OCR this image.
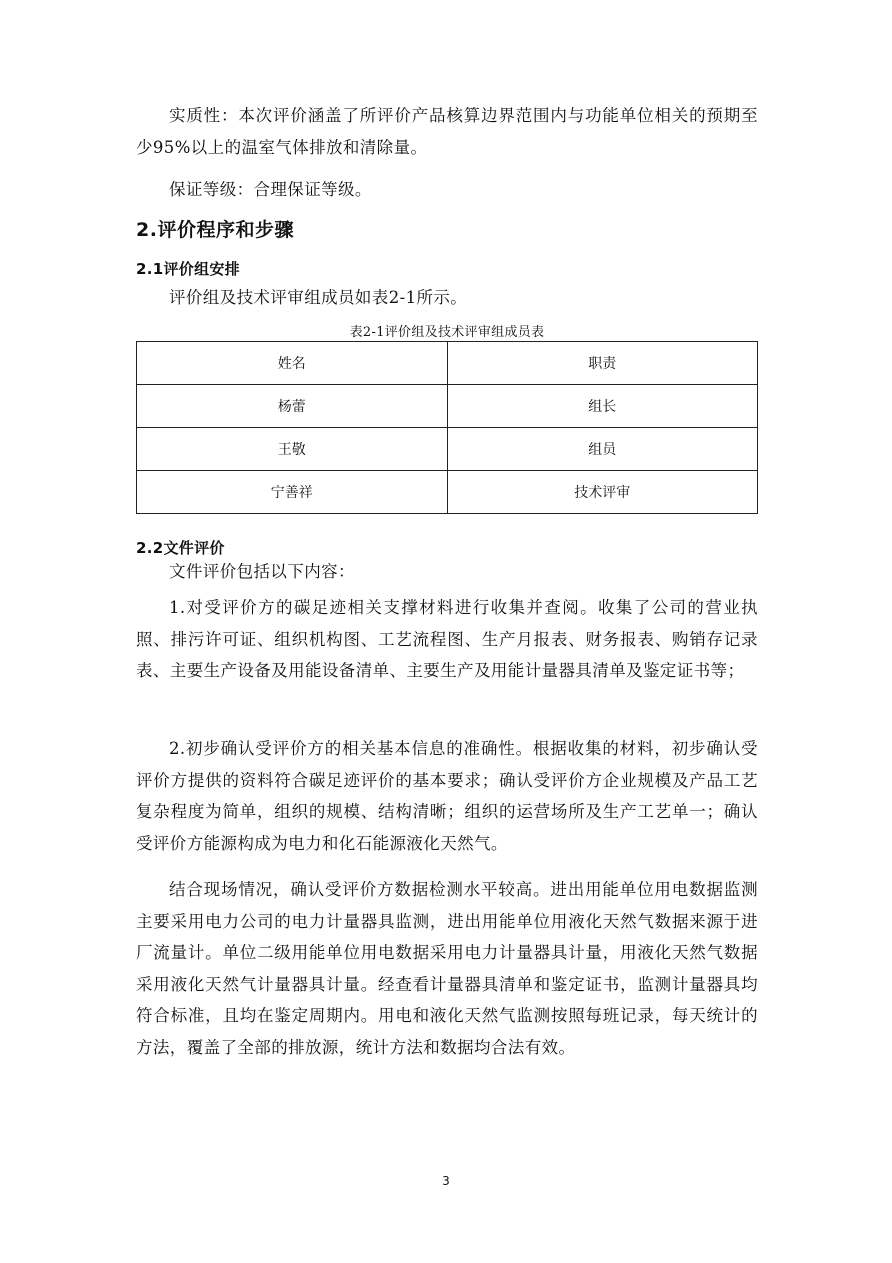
实质性：本次评价涵盖了所评价产品核算边界范围内与功能单位相关的预期至少95%以上的温室气体排放和清除量。

保证等级：合理保证等级。

2.评价程序和步骤
2.1评价组安排

评价组及技术评审组成员如表2-1所示。

表2-1评价组及技术评审组成员表

姓名	职责
杨蕾	组长
王敬	组员
宁善祥	技术评审
2.2文件评价

文件评价包括以下内容：

1.对受评价方的碳足迹相关支撑材料进行收集并查阅。收集了公司的营业执照、排污许可证、组织机构图、工艺流程图、生产月报表、财务报表、购销存记录表、主要生产设备及用能设备清单、主要生产及用能计量器具清单及鉴定证书等；

2.初步确认受评价方的相关基本信息的准确性。根据收集的材料，初步确认受评价方提供的资料符合碳足迹评价的基本要求；确认受评价方企业规模及产品工艺复杂程度为简单，组织的规模、结构清晰；组织的运营场所及生产工艺单一；确认受评价方能源构成为电力和化石能源液化天然气。

结合现场情况，确认受评价方数据检测水平较高。进出用能单位用电数据监测主要采用电力公司的电力计量器具监测，进出用能单位用液化天然气数据来源于进厂流量计。单位二级用能单位用电数据采用电力计量器具计量，用液化天然气数据采用液化天然气计量器具计量。经查看计量器具清单和鉴定证书，监测计量器具均符合标准，且均在鉴定周期内。用电和液化天然气监测按照每班记录，每天统计的方法，覆盖了全部的排放源，统计方法和数据均合法有效。

3
